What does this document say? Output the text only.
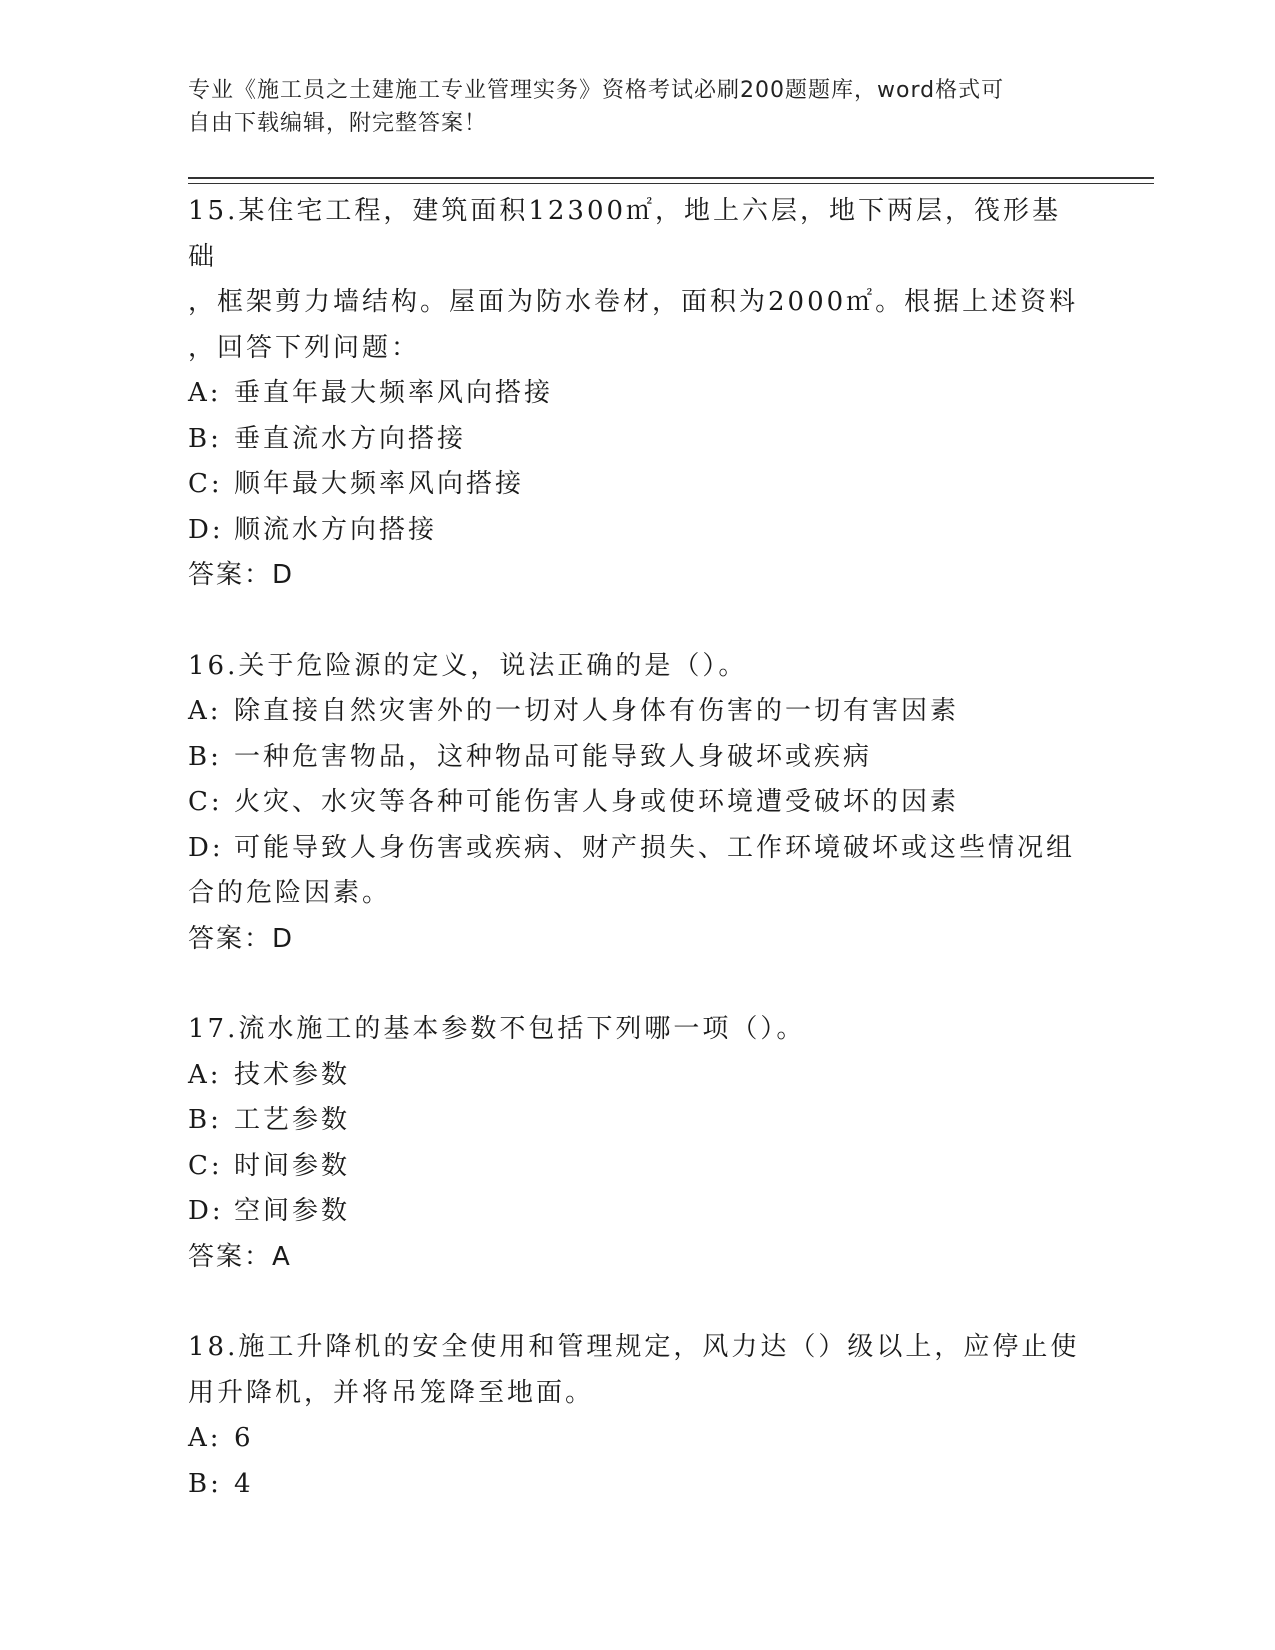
专业《施工员之土建施工专业管理实务》资格考试必刷200题题库，word格式可
自由下载编辑，附完整答案！

15.某住宅工程，建筑面积12300㎡，地上六层，地下两层，筏形基础

，框架剪力墙结构。屋面为防水卷材，面积为2000㎡。根据上述资料

，回答下列问题：

A: 垂直年最大频率风向搭接

B: 垂直流水方向搭接

C: 顺年最大频率风向搭接

D: 顺流水方向搭接

答案：D

16.关于危险源的定义，说法正确的是（）。

A: 除直接自然灾害外的一切对人身体有伤害的一切有害因素

B: 一种危害物品，这种物品可能导致人身破坏或疾病

C: 火灾、水灾等各种可能伤害人身或使环境遭受破坏的因素

D: 可能导致人身伤害或疾病、财产损失、工作环境破坏或这些情况组

合的危险因素。

答案：D

17.流水施工的基本参数不包括下列哪一项（）。

A: 技术参数

B: 工艺参数

C: 时间参数

D: 空间参数

答案：A

18.施工升降机的安全使用和管理规定，风力达（）级以上，应停止使

用升降机，并将吊笼降至地面。

A: 6

B: 4
